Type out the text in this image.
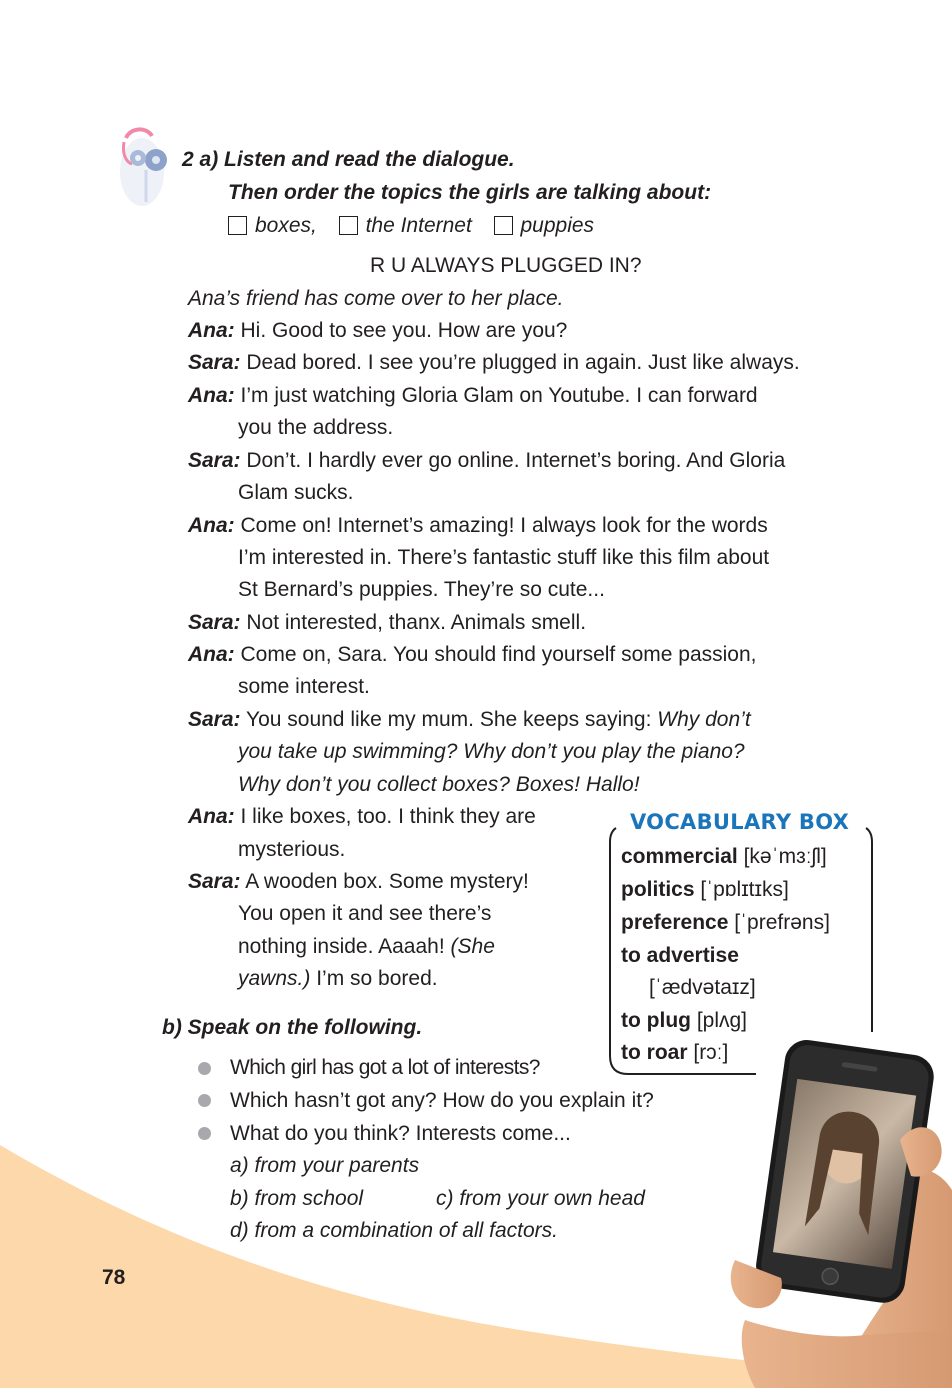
2 a) Listen and read the dialogue.
Then order the topics the girls are talking about:
boxes, the Internet puppies
R U ALWAYS PLUGGED IN?
Ana’s friend has come over to her place.
Ana: Hi. Good to see you. How are you?
Sara: Dead bored. I see you’re plugged in again. Just like always.
Ana: I’m just watching Gloria Glam on Youtube. I can forward
you the address.
Sara: Don’t. I hardly ever go online. Internet’s boring. And Gloria
Glam sucks.
Ana: Come on! Internet’s amazing! I always look for the words
I’m interested in. There’s fantastic stuff like this film about
St Bernard’s puppies. They’re so cute...
Sara: Not interested, thanx. Animals smell.
Ana: Come on, Sara. You should find yourself some passion,
some interest.
Sara: You sound like my mum. She keeps saying: Why don’t
you take up swimming? Why don’t you play the piano?
Why don’t you collect boxes? Boxes! Hallo!
Ana: I like boxes, too. I think they are
mysterious.
Sara: A wooden box. Some mystery!
You open it and see there’s
nothing inside. Aaaah! (She
yawns.) I’m so bored.
VOCABULARY BOX
commercial [kəˈmɜːʃl]
politics [ˈpɒlɪtɪks]
preference [ˈprefrəns]
to advertise
[ˈædvətaɪz]
to plug [plʌg]
to roar [rɔː]
b) Speak on the following.
Which girl has got a lot of interests?
Which hasn’t got any? How do you explain it?
What do you think? Interests come...
a) from your parents
b) from school	c) from your own head
d) from a combination of all factors.
78
